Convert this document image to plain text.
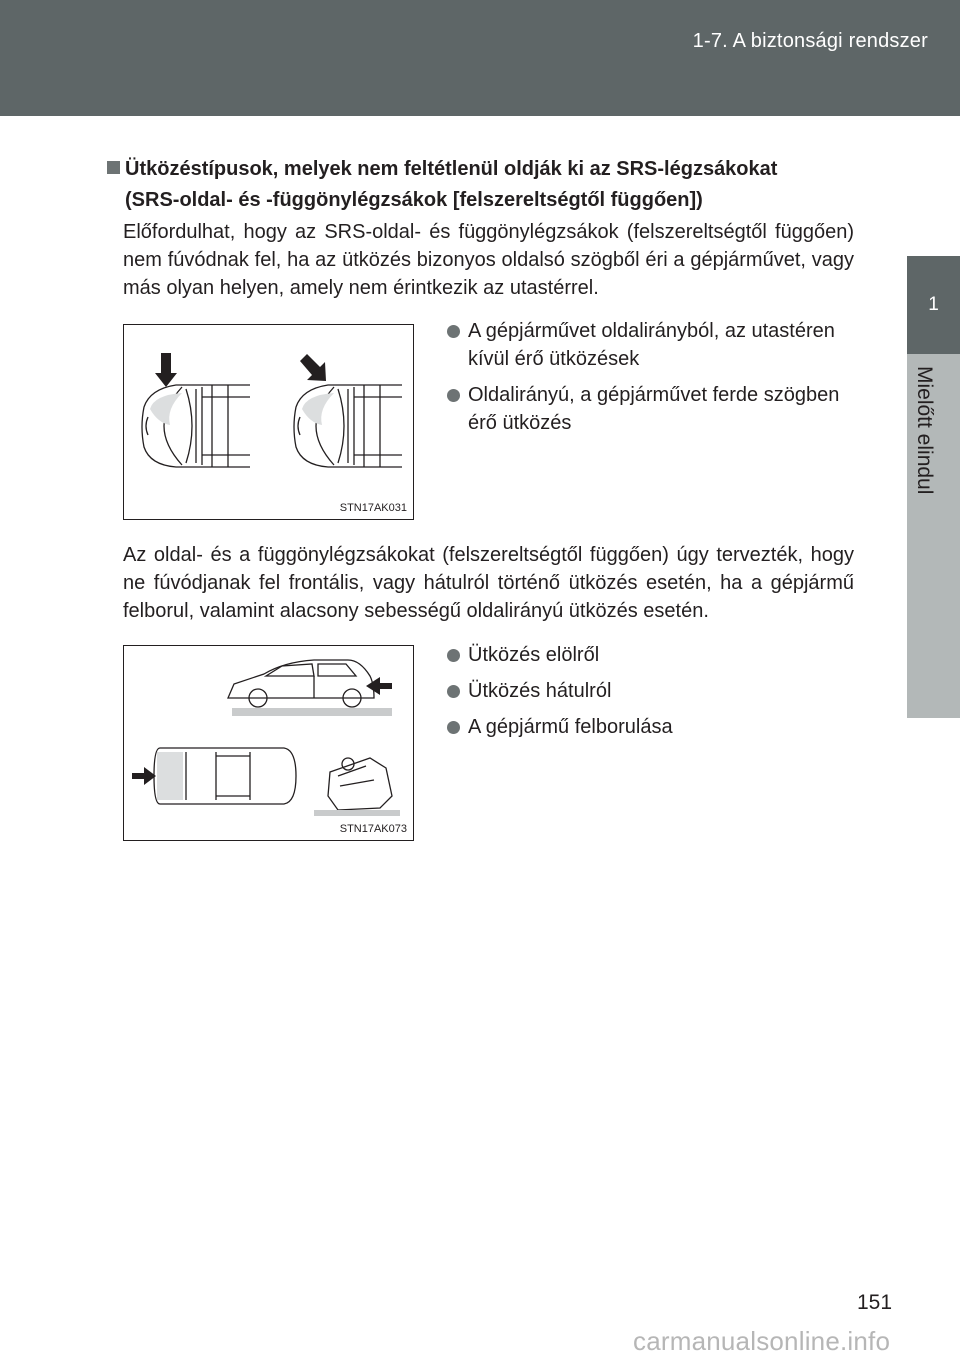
1-7. A biztonsági rendszer
1
Mielőtt elindul
Ütközéstípusok, melyek nem feltétlenül oldják ki az SRS-légzsákokat
(SRS-oldal- és -függönylégzsákok [felszereltségtől függően])

Előfordulhat, hogy az SRS-oldal- és függönylégzsákok (felszereltségtől függően) nem fúvódnak fel, ha az ütközés bizonyos oldalsó szögből éri a gépjárművet, vagy más olyan helyen, amely nem érintkezik az utastérrel.

STN17AK031
A gépjárművet oldalirányból, az utastéren kívül érő ütközések
Oldalirányú, a gépjárművet ferde szögben érő ütközés

Az oldal- és a függönylégzsákokat (felszereltségtől függően) úgy tervezték, hogy ne fúvódjanak fel frontális, vagy hátulról történő ütközés esetén, ha a gépjármű felborul, valamint alacsony sebességű oldalirányú ütközés esetén.

STN17AK073
Ütközés elölről
Ütközés hátulról
A gépjármű felborulása
151
carmanualsonline.info
